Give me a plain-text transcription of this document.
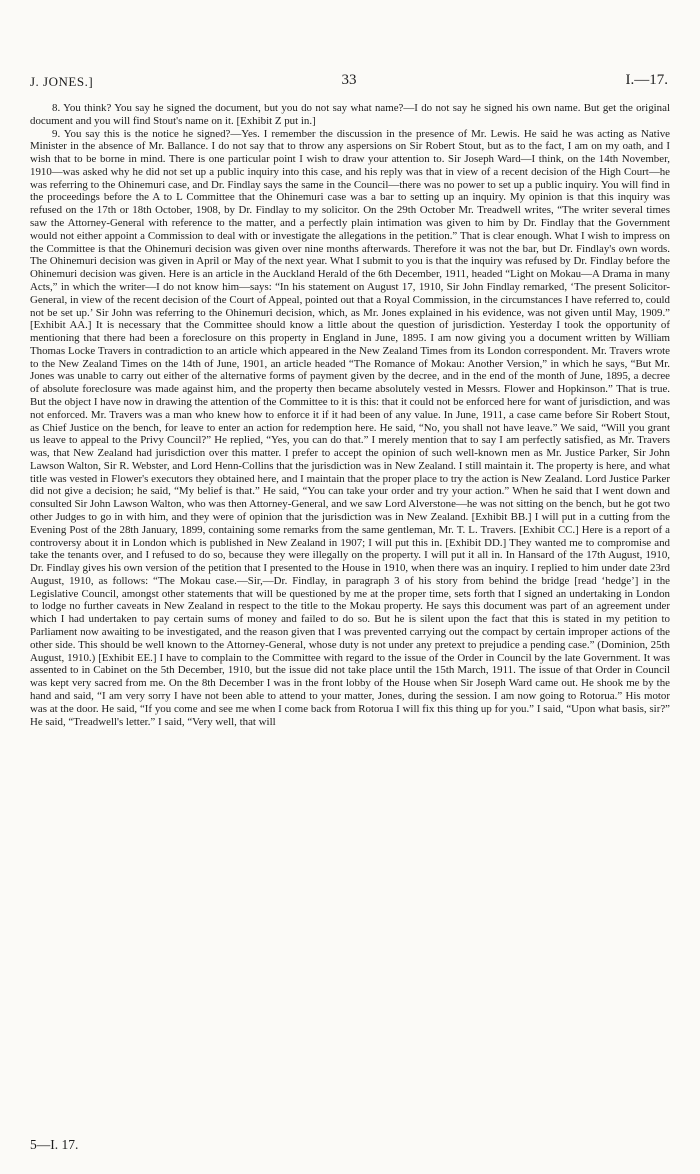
J. JONES.]	33	I.—17.

8. You think? You say he signed the document, but you do not say what name?—I do not say he signed his own name. But get the original document and you will find Stout's name on it. [Exhibit Z put in.]

9. You say this is the notice he signed?—Yes. I remember the discussion in the presence of Mr. Lewis. He said he was acting as Native Minister in the absence of Mr. Ballance. I do not say that to throw any aspersions on Sir Robert Stout, but as to the fact, I am on my oath, and I wish that to be borne in mind. There is one particular point I wish to draw your attention to. Sir Joseph Ward—I think, on the 14th November, 1910—was asked why he did not set up a public inquiry into this case, and his reply was that in view of a recent decision of the High Court—he was referring to the Ohinemuri case, and Dr. Findlay says the same in the Council—there was no power to set up a public inquiry. You will find in the proceedings before the A to L Committee that the Ohinemuri case was a bar to setting up an inquiry. My opinion is that this inquiry was refused on the 17th or 18th October, 1908, by Dr. Findlay to my solicitor. On the 29th October Mr. Treadwell writes, “The writer several times saw the Attorney-General with reference to the matter, and a perfectly plain intimation was given to him by Dr. Findlay that the Government would not either appoint a Commission to deal with or investigate the allegations in the petition.” That is clear enough. What I wish to impress on the Committee is that the Ohinemuri decision was given over nine months afterwards. Therefore it was not the bar, but Dr. Findlay's own words. The Ohinemuri decision was given in April or May of the next year. What I submit to you is that the inquiry was refused by Dr. Findlay before the Ohinemuri decision was given. Here is an article in the Auckland Herald of the 6th December, 1911, headed “Light on Mokau—A Drama in many Acts,” in which the writer—I do not know him—says: “In his statement on August 17, 1910, Sir John Findlay remarked, ‘The present Solicitor-General, in view of the recent decision of the Court of Appeal, pointed out that a Royal Commission, in the circumstances I have referred to, could not be set up.’ Sir John was referring to the Ohinemuri decision, which, as Mr. Jones explained in his evidence, was not given until May, 1909.” [Exhibit AA.] It is necessary that the Committee should know a little about the question of jurisdiction. Yesterday I took the opportunity of mentioning that there had been a foreclosure on this property in England in June, 1895. I am now giving you a document written by William Thomas Locke Travers in contradiction to an article which appeared in the New Zealand Times from its London correspondent. Mr. Travers wrote to the New Zealand Times on the 14th of June, 1901, an article headed “The Romance of Mokau: Another Version,” in which he says, “But Mr. Jones was unable to carry out either of the alternative forms of payment given by the decree, and in the end of the month of June, 1895, a decree of absolute foreclosure was made against him, and the property then became absolutely vested in Messrs. Flower and Hopkinson.” That is true. But the object I have now in drawing the attention of the Committee to it is this: that it could not be enforced here for want of jurisdiction, and was not enforced. Mr. Travers was a man who knew how to enforce it if it had been of any value. In June, 1911, a case came before Sir Robert Stout, as Chief Justice on the bench, for leave to enter an action for redemption here. He said, “No, you shall not have leave.” We said, “Will you grant us leave to appeal to the Privy Council?” He replied, “Yes, you can do that.” I merely mention that to say I am perfectly satisfied, as Mr. Travers was, that New Zealand had jurisdiction over this matter. I prefer to accept the opinion of such well-known men as Mr. Justice Parker, Sir John Lawson Walton, Sir R. Webster, and Lord Henn-Collins that the jurisdiction was in New Zealand. I still maintain it. The property is here, and what title was vested in Flower's executors they obtained here, and I maintain that the proper place to try the action is New Zealand. Lord Justice Parker did not give a decision; he said, “My belief is that.” He said, “You can take your order and try your action.” When he said that I went down and consulted Sir John Lawson Walton, who was then Attorney-General, and we saw Lord Alverstone—he was not sitting on the bench, but he got two other Judges to go in with him, and they were of opinion that the jurisdiction was in New Zealand. [Exhibit BB.] I will put in a cutting from the Evening Post of the 28th January, 1899, containing some remarks from the same gentleman, Mr. T. L. Travers. [Exhibit CC.] Here is a report of a controversy about it in London which is published in New Zealand in 1907; I will put this in. [Exhibit DD.] They wanted me to compromise and take the tenants over, and I refused to do so, because they were illegally on the property. I will put it all in. In Hansard of the 17th August, 1910, Dr. Findlay gives his own version of the petition that I presented to the House in 1910, when there was an inquiry. I replied to him under date 23rd August, 1910, as follows: “The Mokau case.—Sir,—Dr. Findlay, in paragraph 3 of his story from behind the bridge [read ‘hedge’] in the Legislative Council, amongst other statements that will be questioned by me at the proper time, sets forth that I signed an undertaking in London to lodge no further caveats in New Zealand in respect to the title to the Mokau property. He says this document was part of an agreement under which I had undertaken to pay certain sums of money and failed to do so. But he is silent upon the fact that this is stated in my petition to Parliament now awaiting to be investigated, and the reason given that I was prevented carrying out the compact by certain improper actions of the other side. This should be well known to the Attorney-General, whose duty is not under any pretext to prejudice a pending case.” (Dominion, 25th August, 1910.) [Exhibit EE.] I have to complain to the Committee with regard to the issue of the Order in Council by the late Government. It was assented to in Cabinet on the 5th December, 1910, but the issue did not take place until the 15th March, 1911. The issue of that Order in Council was kept very sacred from me. On the 8th December I was in the front lobby of the House when Sir Joseph Ward came out. He shook me by the hand and said, “I am very sorry I have not been able to attend to your matter, Jones, during the session. I am now going to Rotorua.” His motor was at the door. He said, “If you come and see me when I come back from Rotorua I will fix this thing up for you.” I said, “Upon what basis, sir?” He said, “Treadwell's letter.” I said, “Very well, that will

5—I. 17.
